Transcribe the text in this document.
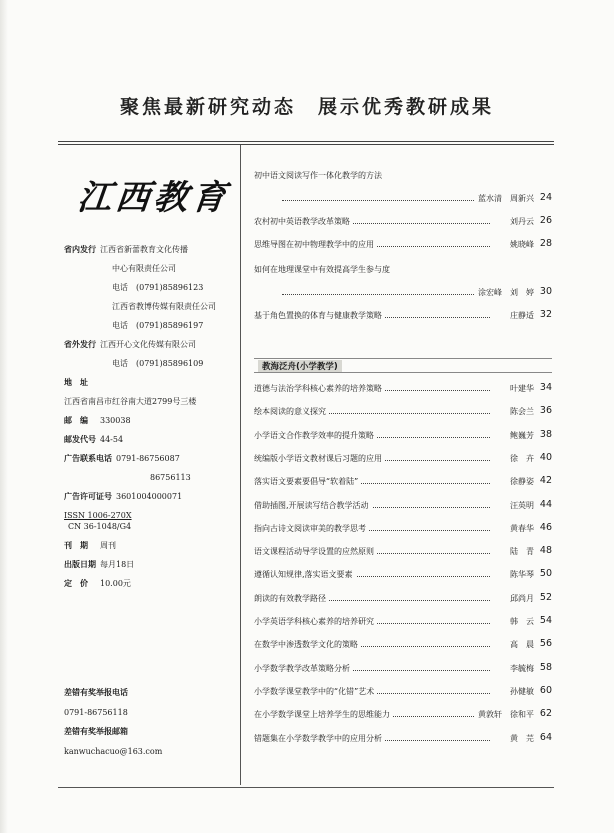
聚焦最新研究动态　展示优秀教研成果
江西教育
省内发行 江西省新蕾教育文化传播
中心有限责任公司
电话　(0791)85896123
江西省教博传媒有限责任公司
电话　(0791)85896197
省外发行 江西开心文化传媒有限公司
电话　(0791)85896109
地　址
江西省南昌市红谷南大道2799号三楼
邮　编 330038
邮发代号 44-54
广告联系电话 0791-86756087
86756113
广告许可证号 3601004000071
ISSN 1006-270X
CN 36-1048/G4
刊　期 周刊
出版日期 每月18日
定　价 10.00元
差错有奖举报电话
0791-86756118
差错有奖举报邮箱
kanwuchacuo@163.com
初中语文阅读写作一体化教学的方法
蓝水清　周新兴 24
农村初中英语教学改革策略	刘丹云 26
思维导图在初中物理教学中的应用	姚晓峰 28
如何在地理课堂中有效提高学生参与度
涂宏峰　刘　婷 30
基于角色置换的体育与健康教学策略	庄静适 32
教海泛舟(小学教学)
道德与法治学科核心素养的培养策略	叶建华 34
绘本阅读的意义探究	陈会兰 36
小学语文合作教学效率的提升策略	鲍巍芳 38
统编版小学语文教材课后习题的应用	徐　卉 40
落实语文要素要倡导“软着陆”	徐静姿 42
借助插图,开展读写结合教学活动	汪英明 44
指向古诗文阅读审美的教学思考	黄春华 46
语文课程活动导学设置的应然原则	陆　青 48
遵循认知规律,落实语文要素	陈华琴 50
朗读的有效教学路径	邱尚月 52
小学英语学科核心素养的培养研究	韩　云 54
在数学中渗透数学文化的策略	高　晨 56
小学数学教学改革策略分析	李毓梅 58
小学数学课堂教学中的“化错”艺术	孙健敏 60
在小学数学课堂上培养学生的思维能力	黄敦轩　徐和平 62
错题集在小学数学教学中的应用分析	黄　芫 64
